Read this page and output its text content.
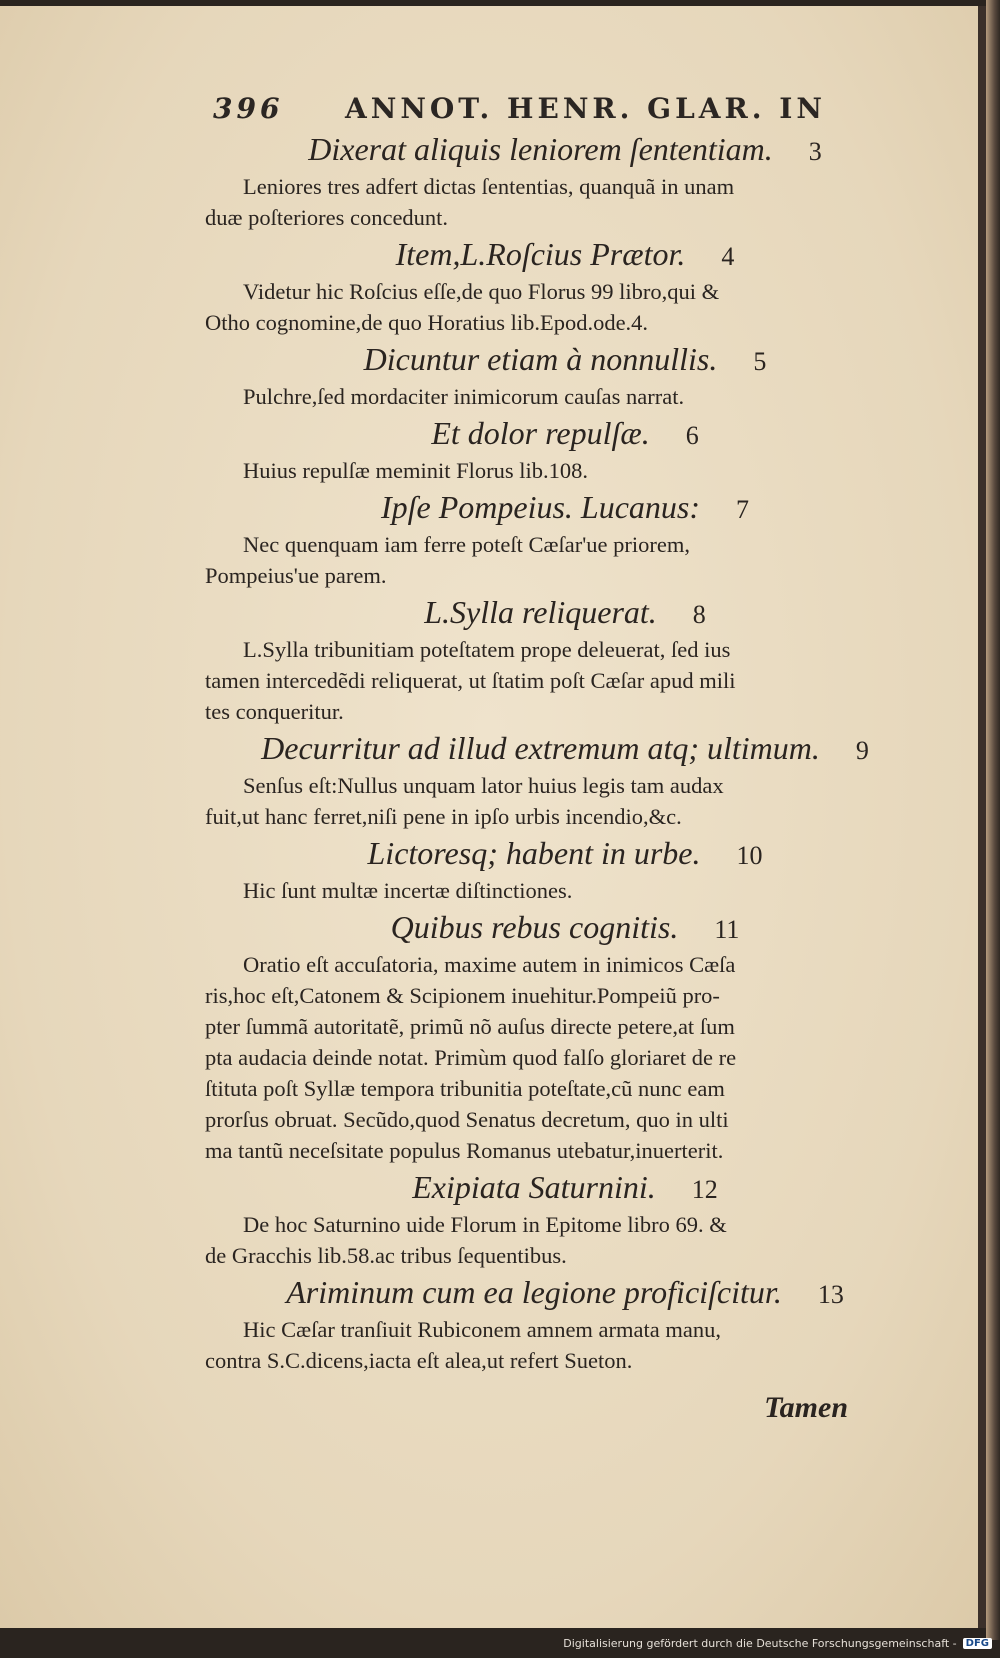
396 ANNOT. HENR. GLAR. IN
Dixerat aliquis leniorem ſententiam. 3

Leniores tres adfert dictas ſententias, quanquã in unam

duæ poſteriores concedunt.

Item,L.Roſcius Prætor. 4

Videtur hic Roſcius eſſe,de quo Florus 99 libro,qui &

Otho cognomine,de quo Horatius lib.Epod.ode.4.

Dicuntur etiam à nonnullis. 5

Pulchre,ſed mordaciter inimicorum cauſas narrat.

Et dolor repulſæ. 6

Huius repulſæ meminit Florus lib.108.

Ipſe Pompeius. Lucanus: 7

Nec quenquam iam ferre poteſt Cæſar'ue priorem,

Pompeius'ue parem.

L.Sylla reliquerat. 8

L.Sylla tribunitiam poteſtatem prope deleuerat, ſed ius

tamen intercedẽdi reliquerat, ut ſtatim poſt Cæſar apud mili

tes conqueritur.

Decurritur ad illud extremum atq; ultimum. 9

Senſus eſt:Nullus unquam lator huius legis tam audax

fuit,ut hanc ferret,niſi pene in ipſo urbis incendio,&c.

Lictoresq; habent in urbe. 10

Hic ſunt multæ incertæ diſtinctiones.

Quibus rebus cognitis. 11

Oratio eſt accuſatoria, maxime autem in inimicos Cæſa

ris,hoc eſt,Catonem & Scipionem inuehitur.Pompeiũ pro-

pter ſummã autoritatẽ, primũ nõ auſus directe petere,at ſum

pta audacia deinde notat. Primùm quod falſo gloriaret de re

ſtituta poſt Syllæ tempora tribunitia poteſtate,cũ nunc eam

prorſus obruat. Secũdo,quod Senatus decretum, quo in ulti

ma tantũ neceſsitate populus Romanus utebatur,inuerterit.

Exipiata Saturnini. 12

De hoc Saturnino uide Florum in Epitome libro 69. &

de Gracchis lib.58.ac tribus ſequentibus.

Ariminum cum ea legione proficiſcitur. 13

Hic Cæſar tranſiuit Rubiconem amnem armata manu,

contra S.C.dicens,iacta eſt alea,ut refert Sueton.

Tamen
Digitalisierung gefördert durch die Deutsche Forschungsgemeinschaft - DFG
